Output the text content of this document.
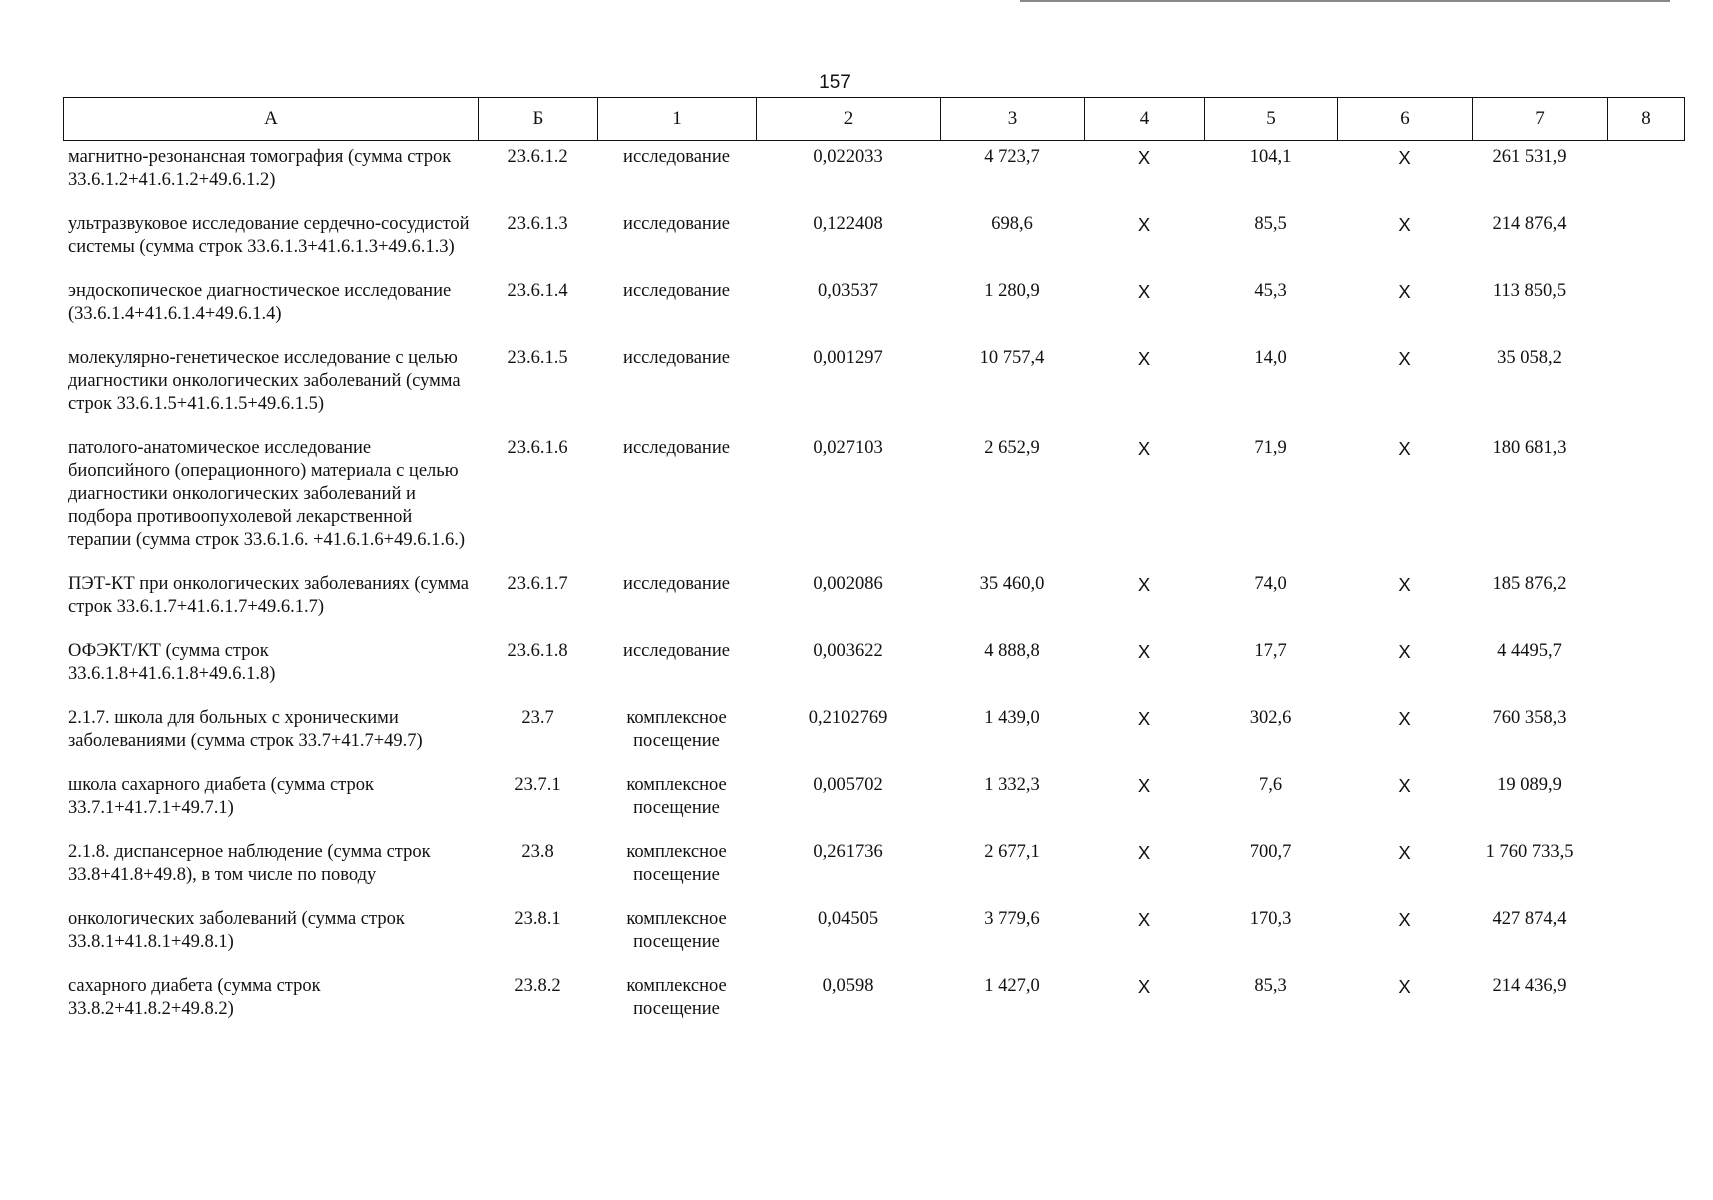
157
А	Б	1	2	3	4	5	6	7	8
магнитно-резонансная томография (сумма строк 33.6.1.2+41.6.1.2+49.6.1.2)	23.6.1.2	исследование	0,022033	4 723,7	X	104,1	X	261 531,9	
ультразвуковое исследование сердечно-сосудистой системы (сумма строк 33.6.1.3+41.6.1.3+49.6.1.3)	23.6.1.3	исследование	0,122408	698,6	X	85,5	X	214 876,4	
эндоскопическое диагностическое исследование (33.6.1.4+41.6.1.4+49.6.1.4)	23.6.1.4	исследование	0,03537	1 280,9	X	45,3	X	113 850,5	
молекулярно-генетическое исследование с целью диагностики онкологических заболеваний (сумма строк 33.6.1.5+41.6.1.5+49.6.1.5)	23.6.1.5	исследование	0,001297	10 757,4	X	14,0	X	35 058,2	
патолого-анатомическое исследование биопсийного (операционного) материала с целью диагностики онкологических заболеваний и подбора противоопухолевой лекарственной терапии (сумма строк 33.6.1.6. +41.6.1.6+49.6.1.6.)	23.6.1.6	исследование	0,027103	2 652,9	X	71,9	X	180 681,3	
ПЭТ-КТ при онкологических заболеваниях (сумма строк 33.6.1.7+41.6.1.7+49.6.1.7)	23.6.1.7	исследование	0,002086	35 460,0	X	74,0	X	185 876,2	
ОФЭКТ/КТ (сумма строк 33.6.1.8+41.6.1.8+49.6.1.8)	23.6.1.8	исследование	0,003622	4 888,8	X	17,7	X	4 4495,7	
2.1.7. школа для больных с хроническими заболеваниями (сумма строк 33.7+41.7+49.7)	23.7	комплексное посещение	0,2102769	1 439,0	X	302,6	X	760 358,3	
школа сахарного диабета (сумма строк 33.7.1+41.7.1+49.7.1)	23.7.1	комплексное посещение	0,005702	1 332,3	X	7,6	X	19 089,9	
2.1.8. диспансерное наблюдение (сумма строк 33.8+41.8+49.8), в том числе по поводу	23.8	комплексное посещение	0,261736	2 677,1	X	700,7	X	1 760 733,5	
онкологических заболеваний (сумма строк 33.8.1+41.8.1+49.8.1)	23.8.1	комплексное посещение	0,04505	3 779,6	X	170,3	X	427 874,4	
сахарного диабета (сумма строк 33.8.2+41.8.2+49.8.2)	23.8.2	комплексное посещение	0,0598	1 427,0	X	85,3	X	214 436,9	
